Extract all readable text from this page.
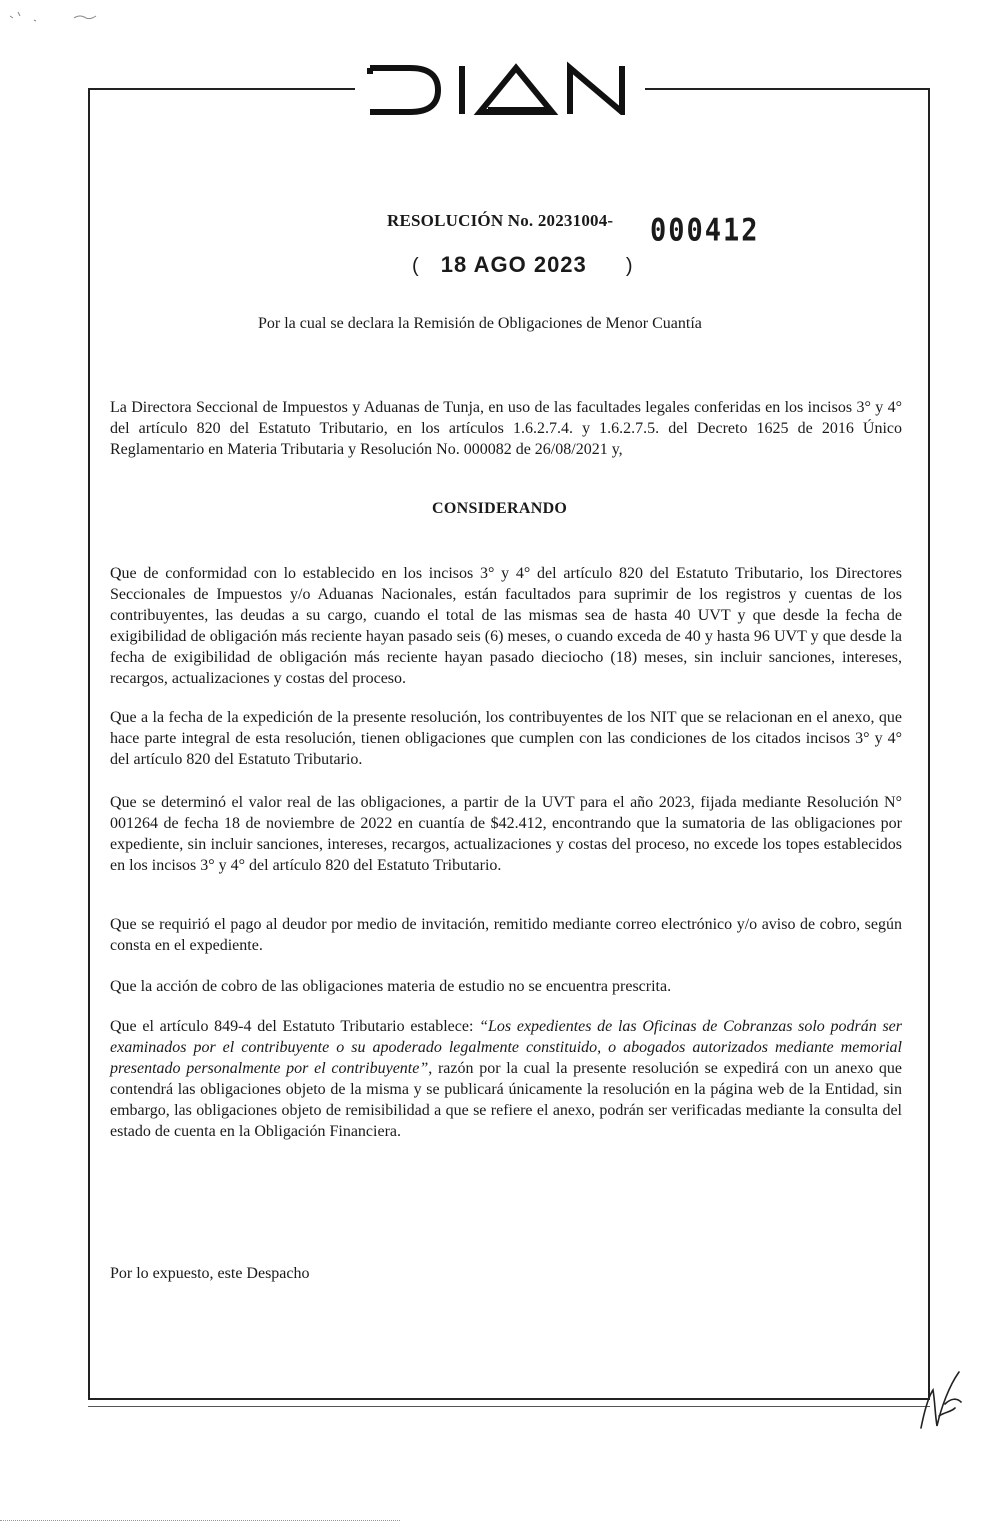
RESOLUCIÓN No. 20231004- 000412
( 18 AGO 2023 )
Por la cual se declara la Remisión de Obligaciones de Menor Cuantía
La Directora Seccional de Impuestos y Aduanas de Tunja, en uso de las facultades legales conferidas en los incisos 3° y 4° del artículo 820 del Estatuto Tributario, en los artículos 1.6.2.7.4. y 1.6.2.7.5. del Decreto 1625 de 2016 Único Reglamentario en Materia Tributaria y Resolución No. 000082 de 26/08/2021 y,
CONSIDERANDO
Que de conformidad con lo establecido en los incisos 3° y 4° del artículo 820 del Estatuto Tributario, los Directores Seccionales de Impuestos y/o Aduanas Nacionales, están facultados para suprimir de los registros y cuentas de los contribuyentes, las deudas a su cargo, cuando el total de las mismas sea de hasta 40 UVT y que desde la fecha de exigibilidad de obligación más reciente hayan pasado seis (6) meses, o cuando exceda de 40 y hasta 96 UVT y que desde la fecha de exigibilidad de obligación más reciente hayan pasado dieciocho (18) meses, sin incluir sanciones, intereses, recargos, actualizaciones y costas del proceso.
Que a la fecha de la expedición de la presente resolución, los contribuyentes de los NIT que se relacionan en el anexo, que hace parte integral de esta resolución, tienen obligaciones que cumplen con las condiciones de los citados incisos 3° y 4° del artículo 820 del Estatuto Tributario.
Que se determinó el valor real de las obligaciones, a partir de la UVT para el año 2023, fijada mediante Resolución N° 001264 de fecha 18 de noviembre de 2022 en cuantía de $42.412, encontrando que la sumatoria de las obligaciones por expediente, sin incluir sanciones, intereses, recargos, actualizaciones y costas del proceso, no excede los topes establecidos en los incisos 3° y 4° del artículo 820 del Estatuto Tributario.
Que se requirió el pago al deudor por medio de invitación, remitido mediante correo electrónico y/o aviso de cobro, según consta en el expediente.
Que la acción de cobro de las obligaciones materia de estudio no se encuentra prescrita.
Que el artículo 849-4 del Estatuto Tributario establece: “Los expedientes de las Oficinas de Cobranzas solo podrán ser examinados por el contribuyente o su apoderado legalmente constituido, o abogados autorizados mediante memorial presentado personalmente por el contribuyente”, razón por la cual la presente resolución se expedirá con un anexo que contendrá las obligaciones objeto de la misma y se publicará únicamente la resolución en la página web de la Entidad, sin embargo, las obligaciones objeto de remisibilidad a que se refiere el anexo, podrán ser verificadas mediante la consulta del estado de cuenta en la Obligación Financiera.
Por lo expuesto, este Despacho
